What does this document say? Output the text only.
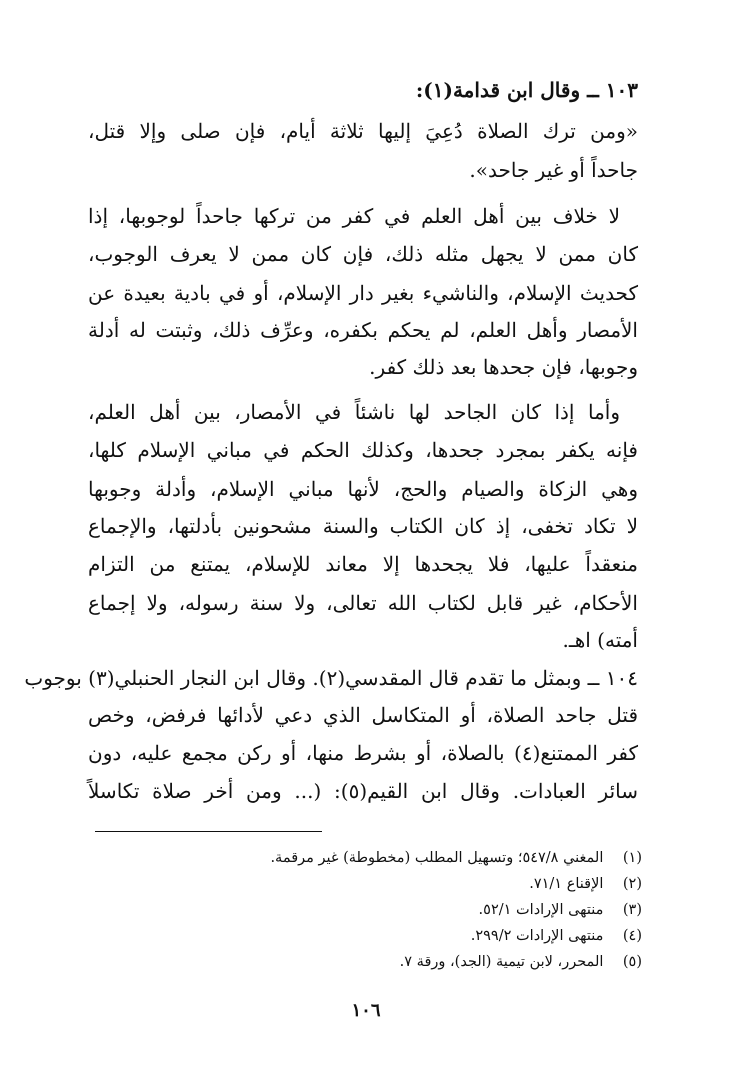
١٠٣ ــ وقال ابن قدامة(١):
«ومن ترك الصلاة دُعِيَ إليها ثلاثة أيام، فإن صلى وإلا قتل،
جاحداً أو غير جاحد».
لا خلاف بين أهل العلم في كفر من تركها جاحداً لوجوبها، إذا
كان ممن لا يجهل مثله ذلك، فإن كان ممن لا يعرف الوجوب،
كحديث الإسلام، والناشيء بغير دار الإسلام، أو في بادية بعيدة عن
الأمصار وأهل العلم، لم يحكم بكفره، وعرِّف ذلك، وثبتت له أدلة
وجوبها، فإن جحدها بعد ذلك كفر.
وأما إذا كان الجاحد لها ناشئاً في الأمصار، بين أهل العلم،
فإنه يكفر بمجرد جحدها، وكذلك الحكم في مباني الإسلام كلها،
وهي الزكاة والصيام والحج، لأنها مباني الإسلام، وأدلة وجوبها
لا تكاد تخفى، إذ كان الكتاب والسنة مشحونين بأدلتها، والإجماع
منعقداً عليها، فلا يجحدها إلا معاند للإسلام، يمتنع من التزام
الأحكام، غير قابل لكتاب الله تعالى، ولا سنة رسوله، ولا إجماع
أمته) اهـ.
١٠٤ ــ وبمثل ما تقدم قال المقدسي(٢). وقال ابن النجار الحنبلي(٣) بوجوب
قتل جاحد الصلاة، أو المتكاسل الذي دعي لأدائها فرفض، وخص
كفر الممتنع(٤) بالصلاة، أو بشرط منها، أو ركن مجمع عليه، دون
سائر العبادات. وقال ابن القيم(٥): (... ومن أخر صلاة تكاسلاً
(١) المغني ٥٤٧/٨؛ وتسهيل المطلب (مخطوطة) غير مرقمة.
(٢) الإقناع ٧١/١.
(٣) منتهى الإرادات ٥٢/١.
(٤) منتهى الإرادات ٢٩٩/٢.
(٥) المحرر، لابن تيمية (الجد)، ورقة ٧.
١٠٦
